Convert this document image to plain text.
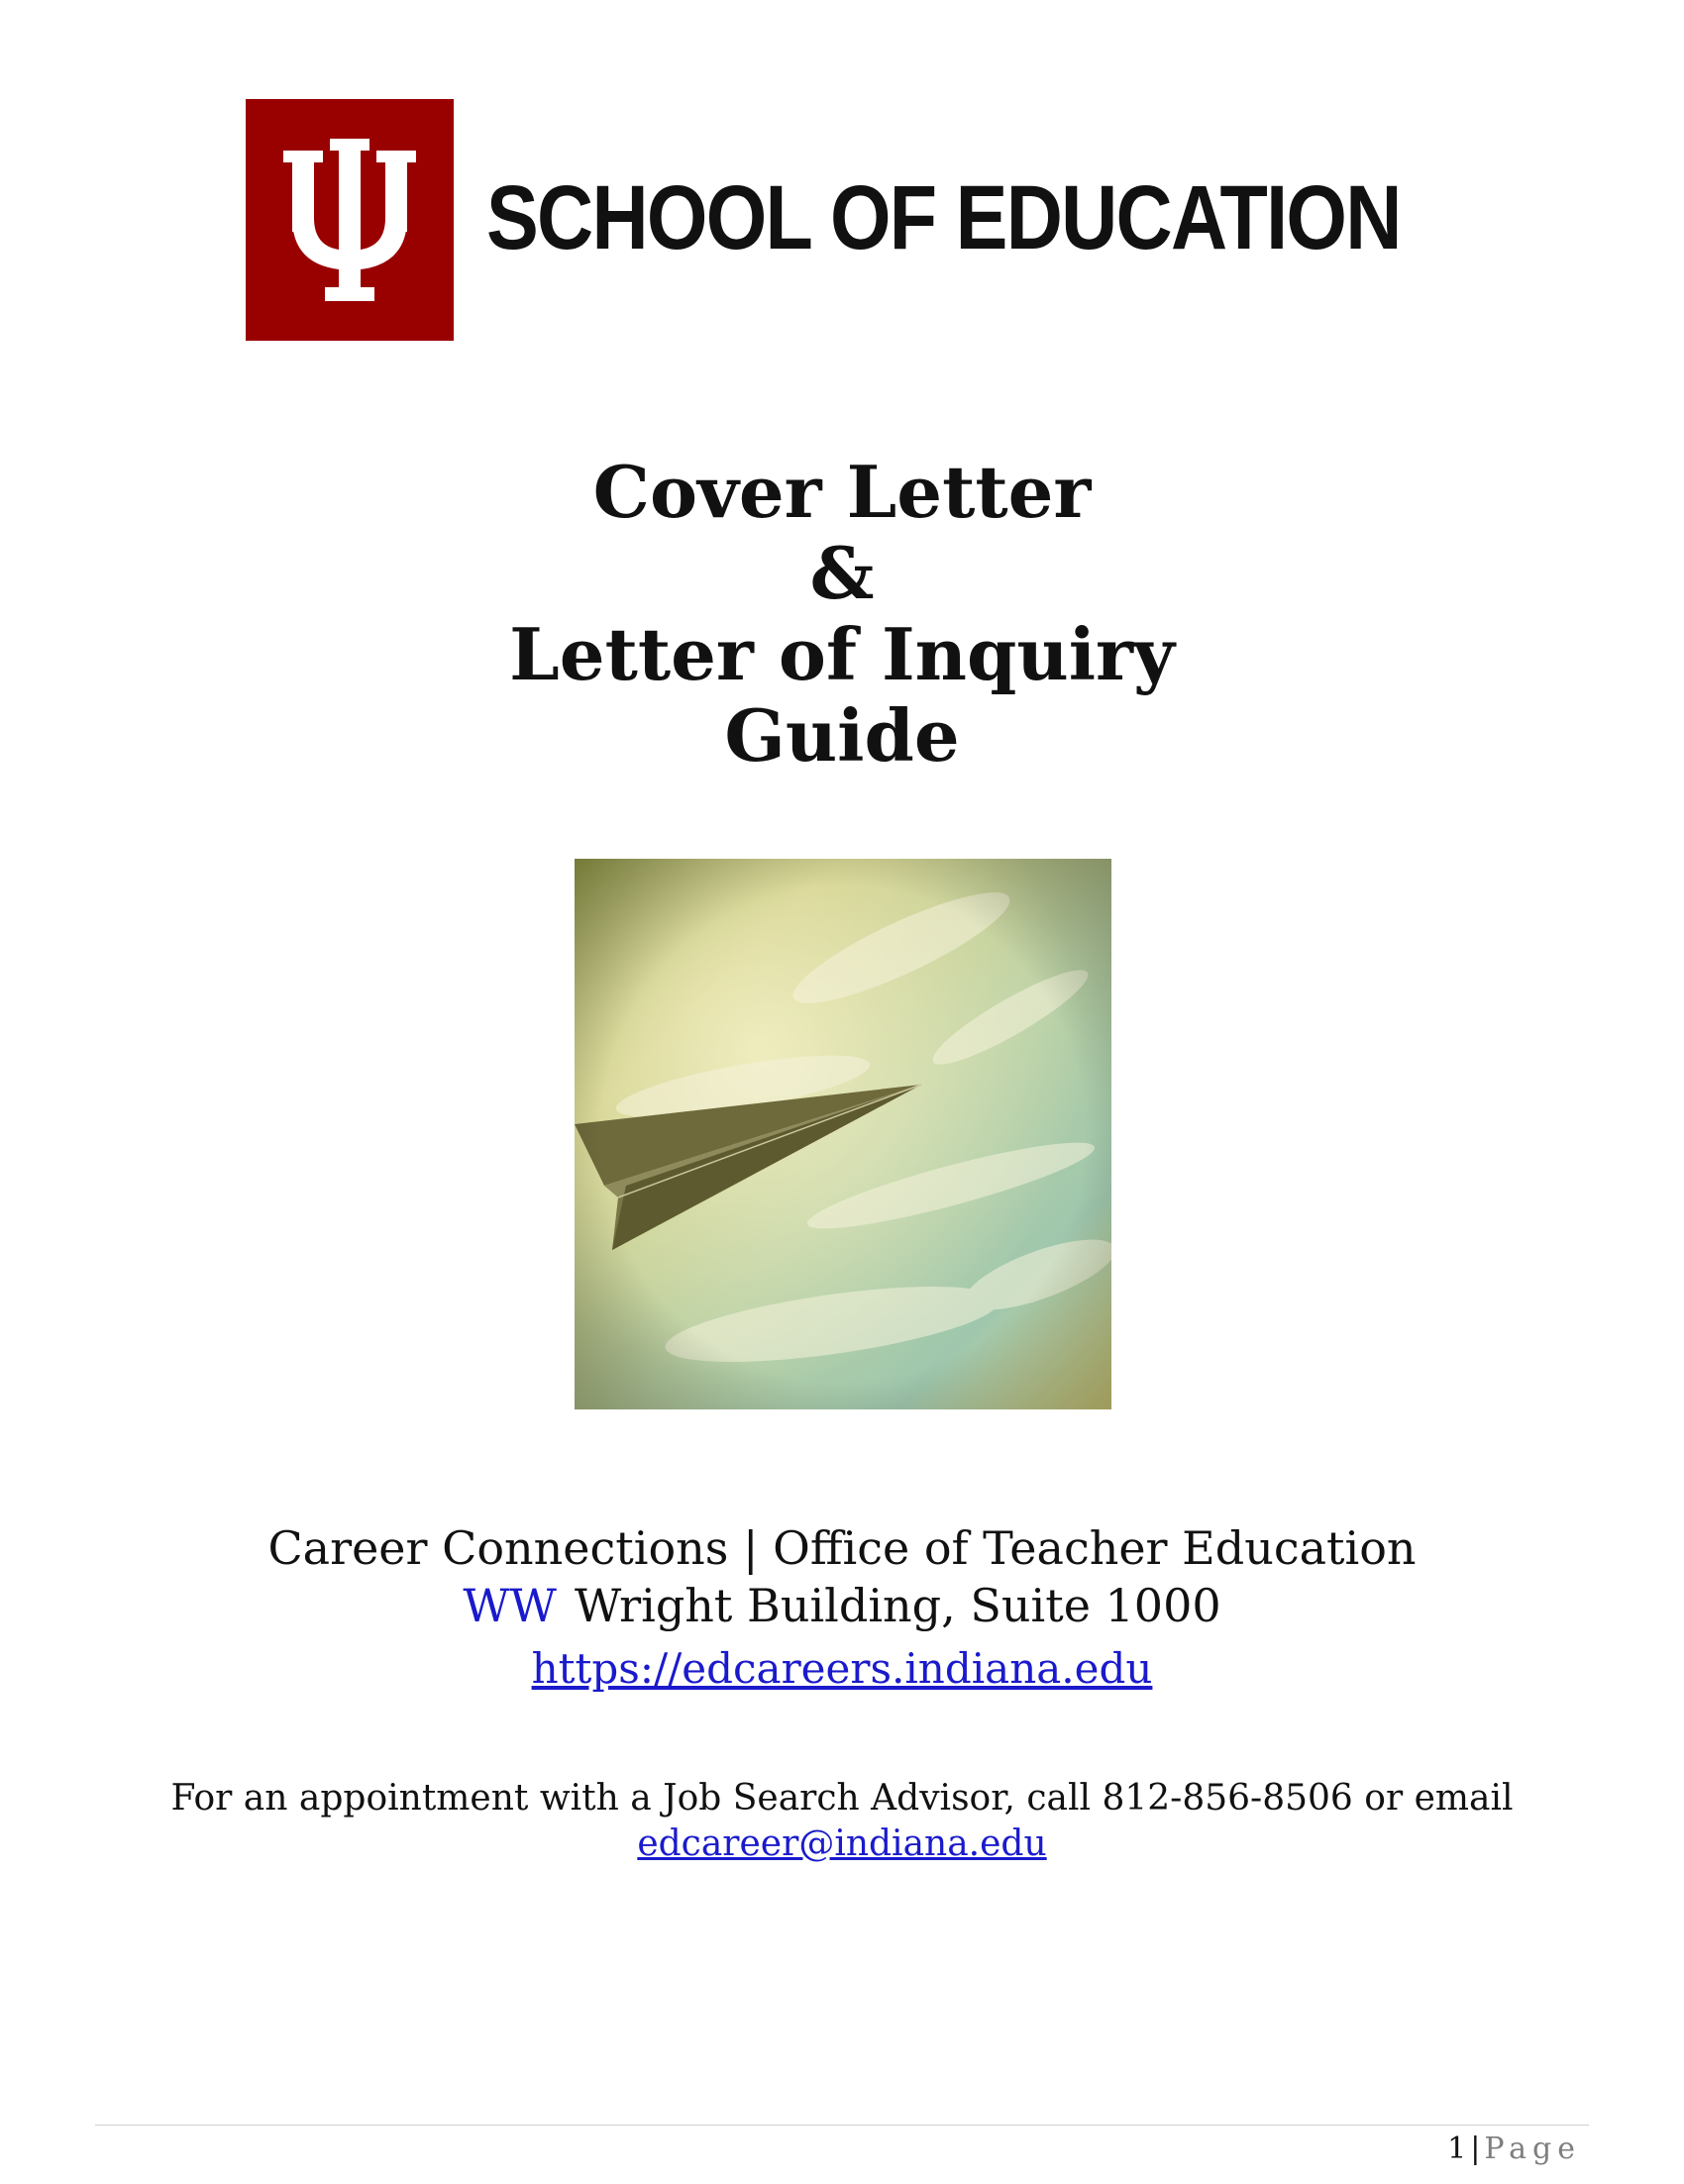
SCHOOL OF EDUCATION
Cover Letter
&
Letter of Inquiry
Guide
Career Connections | Office of Teacher Education
WW Wright Building, Suite 1000
https://edcareers.indiana.edu
For an appointment with a Job Search Advisor, call 812-856-8506 or email
edcareer@indiana.edu
1 | Page
